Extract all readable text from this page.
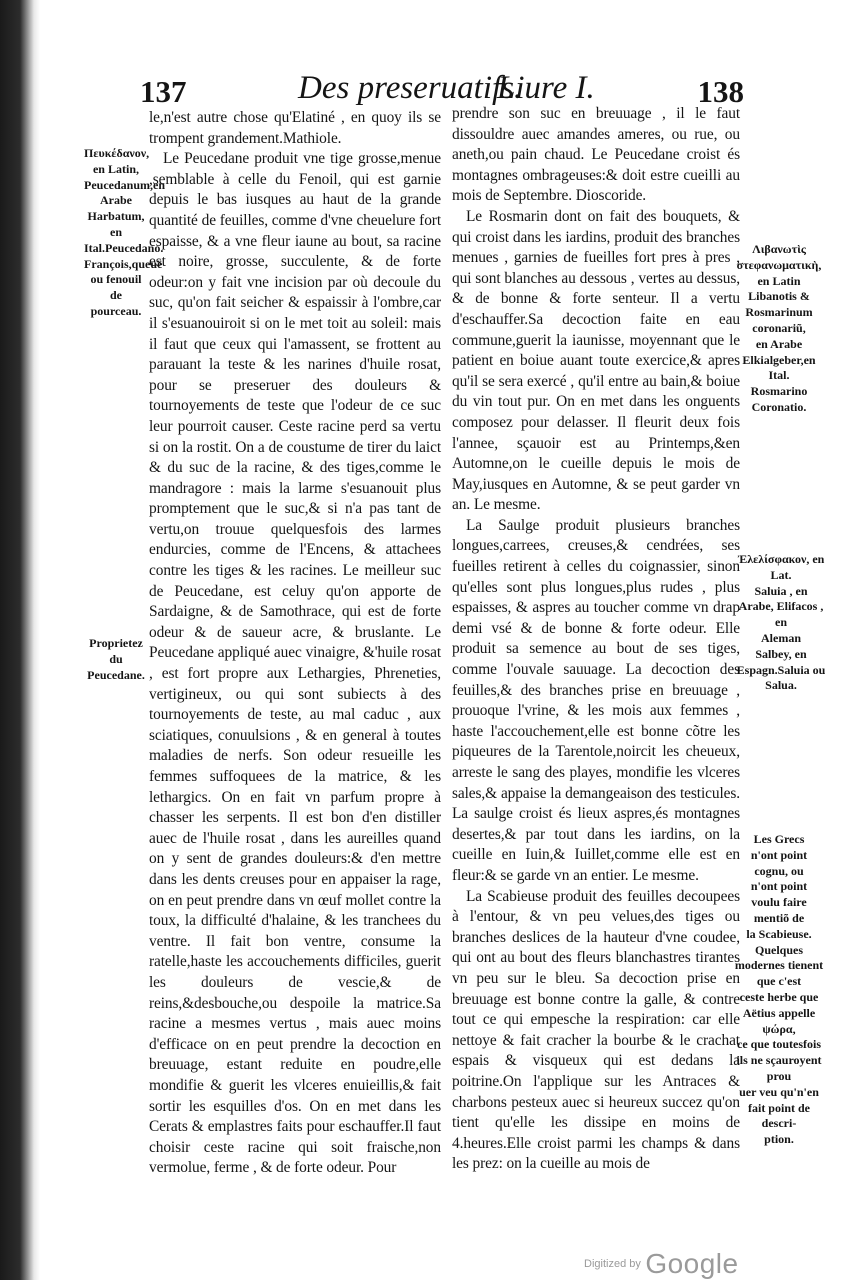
137	Des preseruatifs.
Liure I.	138
Πευκέδανον,
en Latin,
Peucedanum,en Arabe Harbatum, en
Ital.Peucedano. François,queuë
ou fenouil
de pourceau.
Proprietez
du Peucedane.

le,n'est autre chose qu'Elatiné , en quoy ils se trompent grandement.Mathiole.

Le Peucedane produit vne tige grosse,menue ,semblable à celle du Fenoil, qui est garnie depuis le bas iusques au haut de la grande quantité de feuilles, comme d'vne cheuelure fort espaisse, & a vne fleur iaune au bout, sa racine est noire, grosse, succulente, & de forte odeur:on y fait vne incision par où decoule du suc, qu'on fait seicher & espaissir à l'ombre,car il s'esuanouiroit si on le met toit au soleil: mais il faut que ceux qui l'amassent, se frottent au parauant la teste & les narines d'huile rosat, pour se preseruer des douleurs & tournoyements de teste que l'odeur de ce suc leur pourroit causer. Ceste racine perd sa vertu si on la rostit. On a de coustume de tirer du laict & du suc de la racine, & des tiges,comme le mandragore : mais la larme s'esuanouit plus promptement que le suc,& si n'a pas tant de vertu,on trouue quelquesfois des larmes endurcies, comme de l'Encens, & attachees contre les tiges & les racines. Le meilleur suc de Peucedane, est celuy qu'on apporte de Sardaigne, & de Samothrace, qui est de forte odeur & de saueur acre, & bruslante. Le Peucedane appliqué auec vinaigre, &'huile rosat , est fort propre aux Lethargies, Phreneties, vertigineux, ou qui sont subiects à des tournoyements de teste, au mal caduc , aux sciatiques, conuulsions , & en general à toutes maladies de nerfs. Son odeur resueille les femmes suffoquees de la matrice, & les lethargics. On en fait vn parfum propre à chasser les serpents. Il est bon d'en distiller auec de l'huile rosat , dans les aureilles quand on y sent de grandes douleurs:& d'en mettre dans les dents creuses pour en appaiser la rage, on en peut prendre dans vn œuf mollet contre la toux, la difficulté d'halaine, & les tranchees du ventre. Il fait bon ventre, consume la ratelle,haste les accouchements difficiles, guerit les douleurs de vescie,& de reins,&desbouche,ou despoile la matrice.Sa racine a mesmes vertus , mais auec moins d'efficace on en peut prendre la decoction en breuuage, estant reduite en poudre,elle mondifie & guerit les vlceres enuieillis,& fait sortir les esquilles d'os. On en met dans les Cerats & emplastres faits pour eschauffer.Il faut choisir ceste racine qui soit fraische,non vermolue, ferme , & de forte odeur. Pour

prendre son suc en breuuage , il le faut dissouldre auec amandes ameres, ou rue, ou aneth,ou pain chaud. Le Peucedane croist és montagnes ombrageuses:& doit estre cueilli au mois de Septembre. Dioscoride.

Le Rosmarin dont on fait des bouquets, & qui croist dans les iardins, produit des branches menues , garnies de fueilles fort pres à pres , qui sont blanches au dessous , vertes au dessus, & de bonne & forte senteur. Il a vertu d'eschauffer.Sa decoction faite en eau commune,guerit la iaunisse, moyennant que le patient en boiue auant toute exercice,& apres qu'il se sera exercé , qu'il entre au bain,& boiue du vin tout pur. On en met dans les onguents composez pour delasser. Il fleurit deux fois l'annee, sçauoir est au Printemps,&en Automne,on le cueille depuis le mois de May,iusques en Automne, & se peut garder vn an. Le mesme.

La Saulge produit plusieurs branches longues,carrees, creuses,& cendrées, ses fueilles retirent à celles du coignassier, sinon qu'elles sont plus longues,plus rudes , plus espaisses, & aspres au toucher comme vn drap demi vsé & de bonne & forte odeur. Elle produit sa semence au bout de ses tiges, comme l'ouvale sauuage. La decoction des feuilles,& des branches prise en breuuage , prouoque l'vrine, & les mois aux femmes , haste l'accouchement,elle est bonne cõtre les piqueures de la Tarentole,noircit les cheueux, arreste le sang des playes, mondifie les vlceres sales,& appaise la demangeaison des testicules. La saulge croist és lieux aspres,és montagnes desertes,& par tout dans les iardins, on la cueille en Iuin,& Iuillet,comme elle est en fleur:& se garde vn an entier. Le mesme.

La Scabieuse produit des feuilles decoupees à l'entour, & vn peu velues,des tiges ou branches deslices de la hauteur d'vne coudee, qui ont au bout des fleurs blanchastres tirantes vn peu sur le bleu. Sa decoction prise en breuuage est bonne contre la galle, & contre tout ce qui empesche la respiration: car elle nettoye & fait cracher la bourbe & le crachat espais & visqueux qui est dedans la poitrine.On l'applique sur les Antraces & charbons pesteux auec si heureux succez qu'on tient qu'elle les dissipe en moins de 4.heures.Elle croist parmi les champs & dans les prez: on la cueille au mois de

Λιβανωτὶς
στεφανωματικὴ, en Latin Libanotis & Rosmarinum coronariũ,
en Arabe
Elkialgeber,en Ital.
Rosmarino
Coronatio.
Ἐλελίσφακον, en Lat.
Saluia , en
Arabe, Elifacos , en
Aleman
Salbey, en
Espagn.Saluia ou Salua.
Les Grecs
n'ont point
cognu, ou
n'ont point
voulu faire
mentiõ de
la Scabieuse. Quelques modernes tienent que c'est
ceste herbe que Aëtius appelle ψώρα,
ce que toutesfois ils ne sçauroyent prou
uer veu qu'n'en fait point de descri-
ption.
Digitized by Google
